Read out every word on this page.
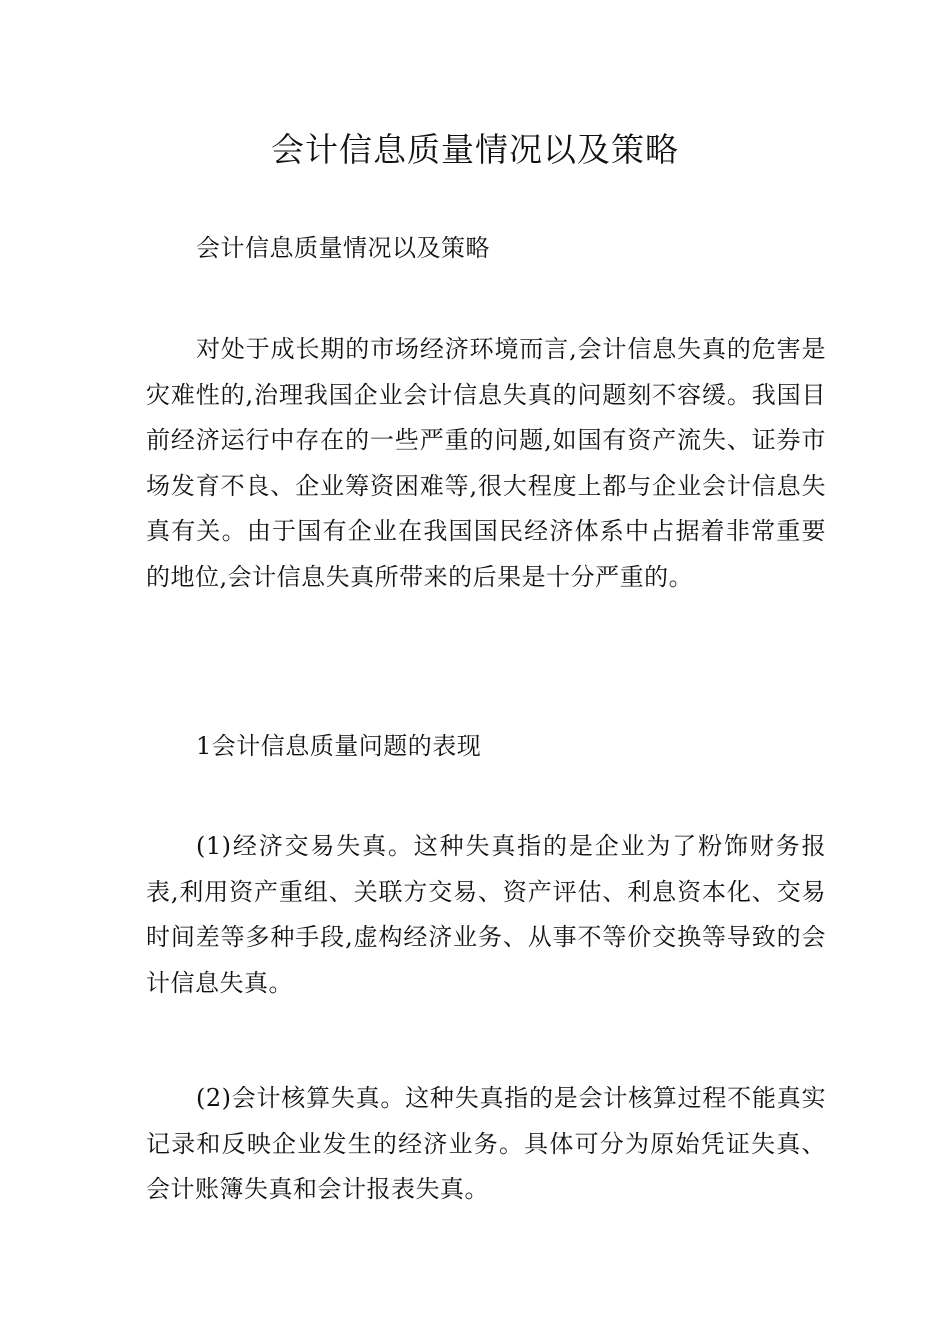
会计信息质量情况以及策略
会计信息质量情况以及策略
对处于成长期的市场经济环境而言,会计信息失真的危害是灾难性的,治理我国企业会计信息失真的问题刻不容缓。我国目前经济运行中存在的一些严重的问题,如国有资产流失、证券市场发育不良、企业筹资困难等,很大程度上都与企业会计信息失真有关。由于国有企业在我国国民经济体系中占据着非常重要的地位,会计信息失真所带来的后果是十分严重的。
1会计信息质量问题的表现
(1)经济交易失真。这种失真指的是企业为了粉饰财务报表,利用资产重组、关联方交易、资产评估、利息资本化、交易时间差等多种手段,虚构经济业务、从事不等价交换等导致的会计信息失真。
(2)会计核算失真。这种失真指的是会计核算过程不能真实记录和反映企业发生的经济业务。具体可分为原始凭证失真、会计账簿失真和会计报表失真。
